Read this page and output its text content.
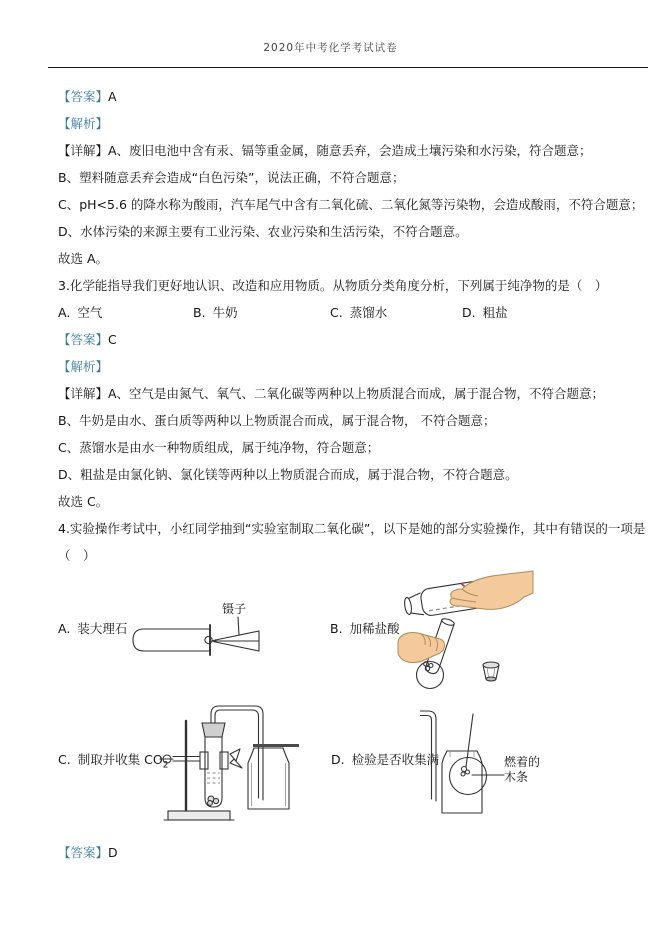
2020年中考化学考试试卷

【答案】A

【解析】

【详解】A、废旧电池中含有汞、镉等重金属，随意丢弃，会造成土壤污染和水污染，符合题意；

B、塑料随意丢弃会造成“白色污染”，说法正确，不符合题意；

C、pH<5.6 的降水称为酸雨，汽车尾气中含有二氧化硫、二氧化氮等污染物，会造成酸雨，不符合题意；

D、水体污染的来源主要有工业污染、农业污染和生活污染，不符合题意。

故选 A。

3.化学能指导我们更好地认识、改造和应用物质。从物质分类角度分析，下列属于纯净物的是（　）

A. 空气	B. 牛奶	C. 蒸馏水	D. 粗盐

【答案】C

【解析】

【详解】A、空气是由氮气、氧气、二氧化碳等两种以上物质混合而成，属于混合物，不符合题意；

B、牛奶是由水、蛋白质等两种以上物质混合而成，属于混合物， 不符合题意；

C、蒸馏水是由水一种物质组成，属于纯净物，符合题意；

D、粗盐是由氯化钠、氯化镁等两种以上物质混合而成，属于混合物，不符合题意。

故选 C。

4.实验操作考试中，小红同学抽到“实验室制取二氧化碳”，以下是她的部分实验操作，其中有错误的一项是

（　）

镊子
A. 装大理石	B. 加稀盐酸
C. 制取并收集 $CO_2$	D. 检验是否收集满	燃着的
木条

【答案】D
